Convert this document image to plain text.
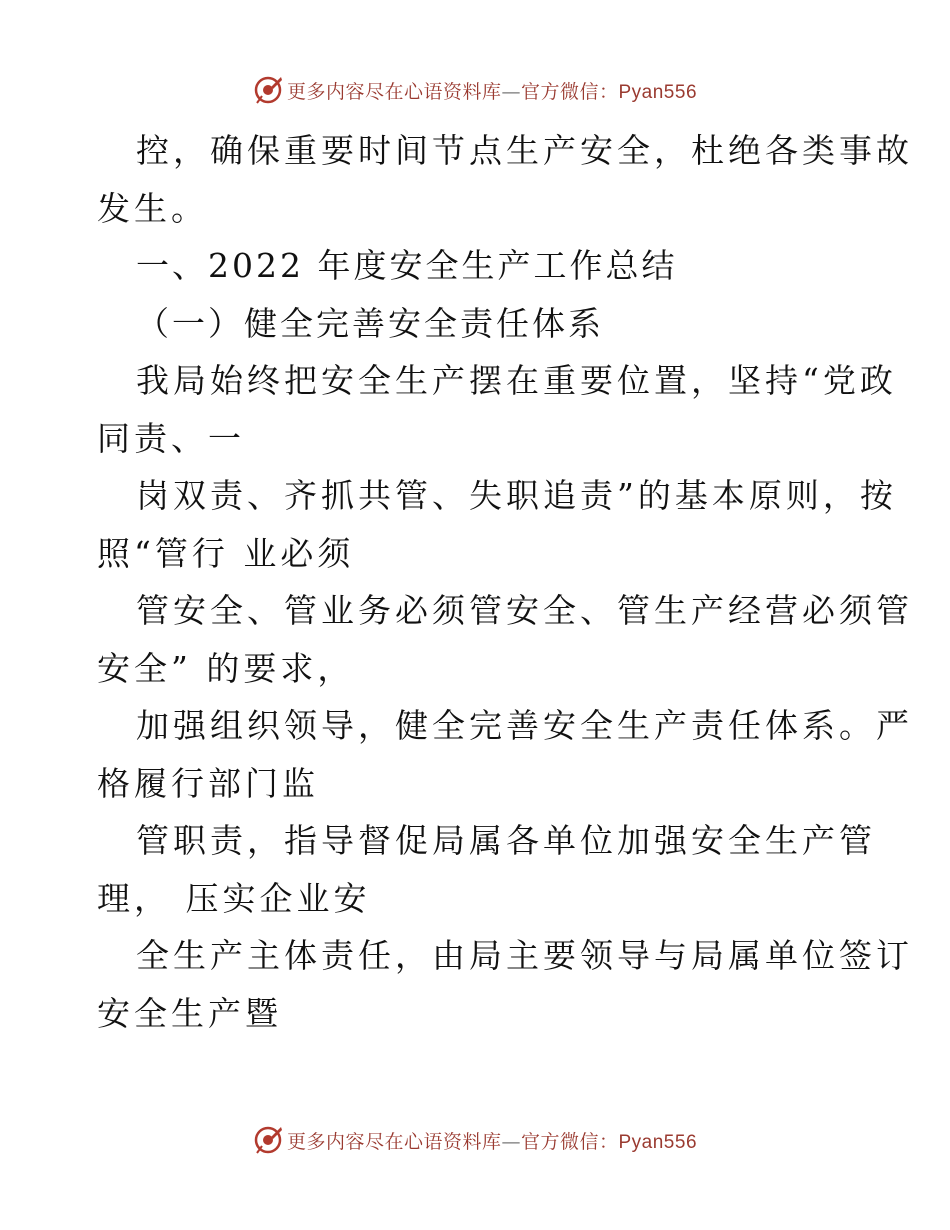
更多内容尽在心语资料库—官方微信：Pyan556
控，确保重要时间节点生产安全，杜绝各类事故
发生。
一、2022 年度安全生产工作总结
（一）健全完善安全责任体系
我局始终把安全生产摆在重要位置，坚持“党政
同责、一
岗双责、齐抓共管、失职追责”的基本原则，按
照“管行 业必须
管安全、管业务必须管安全、管生产经营必须管
安全” 的要求，
加强组织领导，健全完善安全生产责任体系。严
格履行部门监
管职责，指导督促局属各单位加强安全生产管
理， 压实企业安
全生产主体责任，由局主要领导与局属单位签订
安全生产暨
更多内容尽在心语资料库—官方微信：Pyan556
